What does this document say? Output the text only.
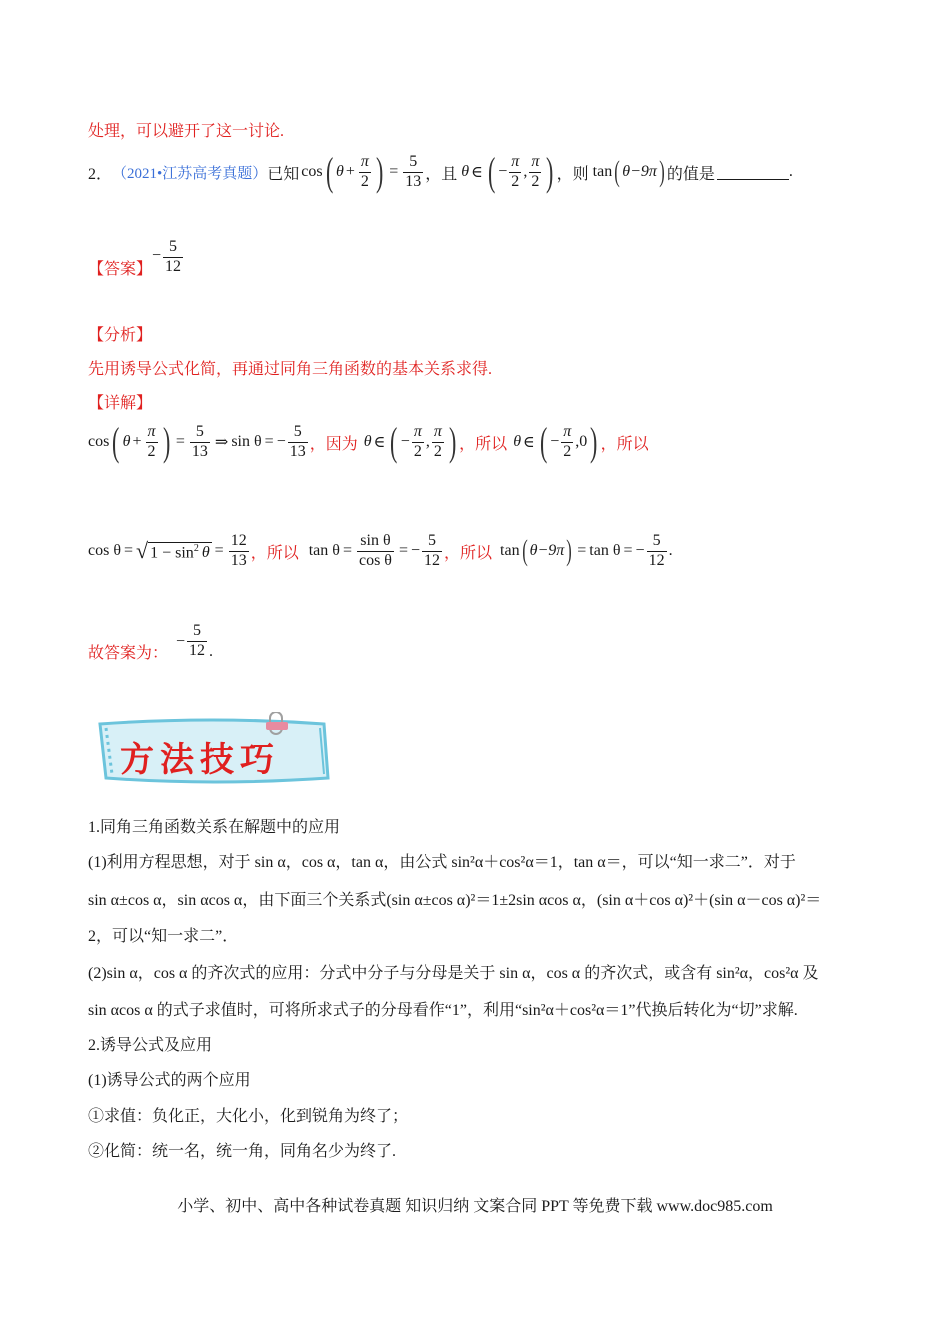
处理，可以避开了这一讨论.
2． （2021•江苏高考真题） 已知 cos ( $\theta + \frac{\pi}{2}$ ) = $\frac{5}{13}$ ，且 θ ∈ ( − $\frac{\pi}{2}$ , $\frac{\pi}{2}$ ) ，则 tan ( θ −9π ) 的值是	.
【答案】
− $\frac{5}{12}$
【分析】
先用诱导公式化简，再通过同角三角函数的基本关系求得.
【详解】
cos ( $\theta + \frac{\pi}{2}$ ) = $\frac{5}{13}$ ⇒ sin θ = − $\frac{5}{13}$ ，因为 θ ∈ ( − $\frac{\pi}{2}$ , $\frac{\pi}{2}$ ) ，所以 θ ∈ ( − $\frac{\pi}{2}$ , 0 ) ，所以
cos θ = √ $1 - \sin^2 \theta = \frac{12}{13}$ ，所以 $\tan \theta = \frac{\text{sin θ}}{\text{cos θ}}$ = − $\frac{5}{12}$ ，所以 tan ( θ −9π ) = tan θ = − $\frac{5}{12}$ .
故答案为：
− $\frac{5}{12}$ .
方法技巧
1.同角三角函数关系在解题中的应用
(1)利用方程思想，对于 sin α，cos α，tan α，由公式 sin²α＋cos²α＝1，tan α＝，可以“知一求二”．对于
sin α±cos α，sin αcos α，由下面三个关系式(sin α±cos α)²＝1±2sin αcos α，(sin α＋cos α)²＋(sin α－cos α)²＝
2，可以“知一求二”．
(2)sin α，cos α 的齐次式的应用：分式中分子与分母是关于 sin α，cos α 的齐次式，或含有 sin²α，cos²α 及
sin αcos α 的式子求值时，可将所求式子的分母看作“1”，利用“sin²α＋cos²α＝1”代换后转化为“切”求解.
2.诱导公式及应用
(1)诱导公式的两个应用
①求值：负化正，大化小，化到锐角为终了；
②化简：统一名，统一角，同角名少为终了.
小学、初中、高中各种试卷真题 知识归纳 文案合同 PPT 等免费下载 www.doc985.com
